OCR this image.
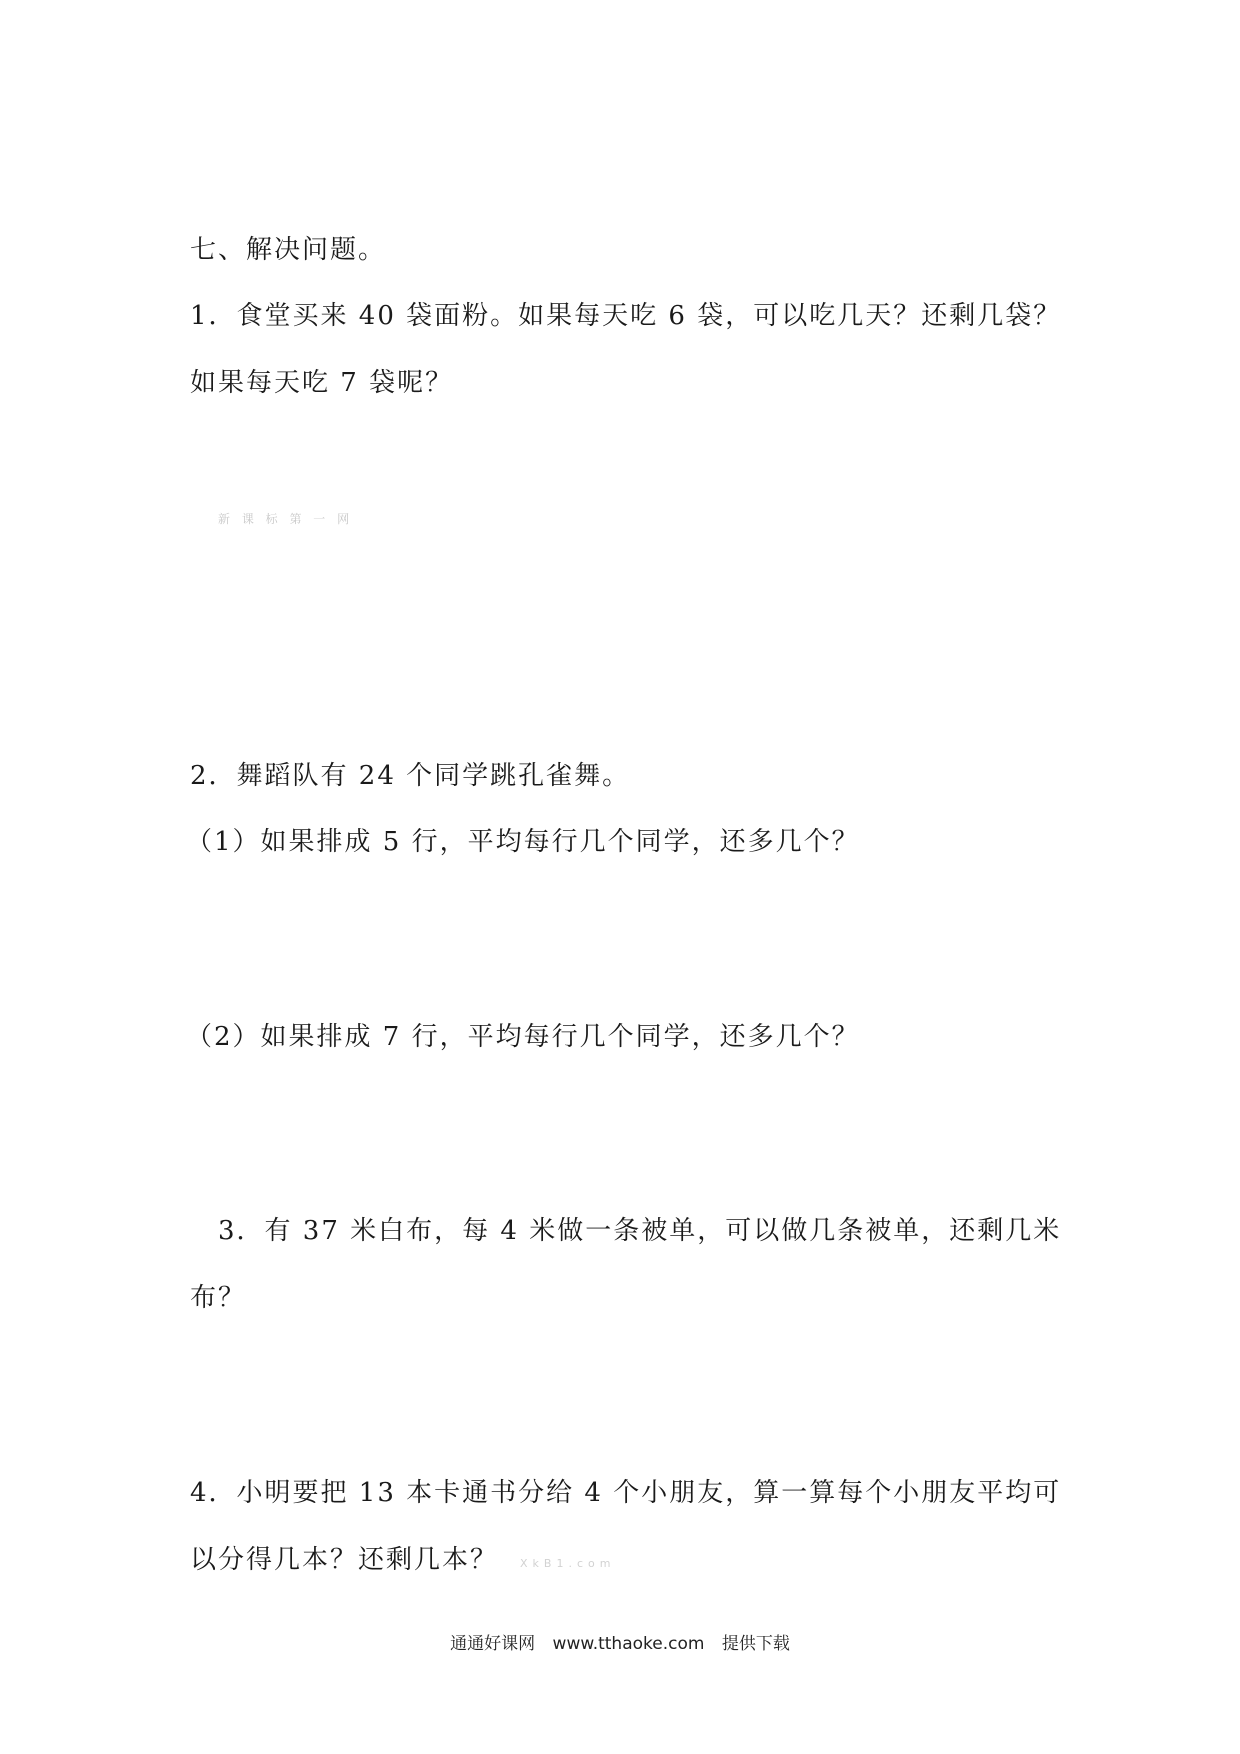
七、解决问题。
1．食堂买来 40 袋面粉。如果每天吃 6 袋，可以吃几天？还剩几袋？
如果每天吃 7 袋呢？
新 课 标 第 一 网
2．舞蹈队有 24 个同学跳孔雀舞。
（1）如果排成 5 行，平均每行几个同学，还多几个？
（2）如果排成 7 行，平均每行几个同学，还多几个？
3．有 37 米白布，每 4 米做一条被单，可以做几条被单，还剩几米
布？
4．小明要把 13 本卡通书分给 4 个小朋友，算一算每个小朋友平均可
以分得几本？还剩几本？ XkB1.com
通通好课网 www.tthaoke.com 提供下载
